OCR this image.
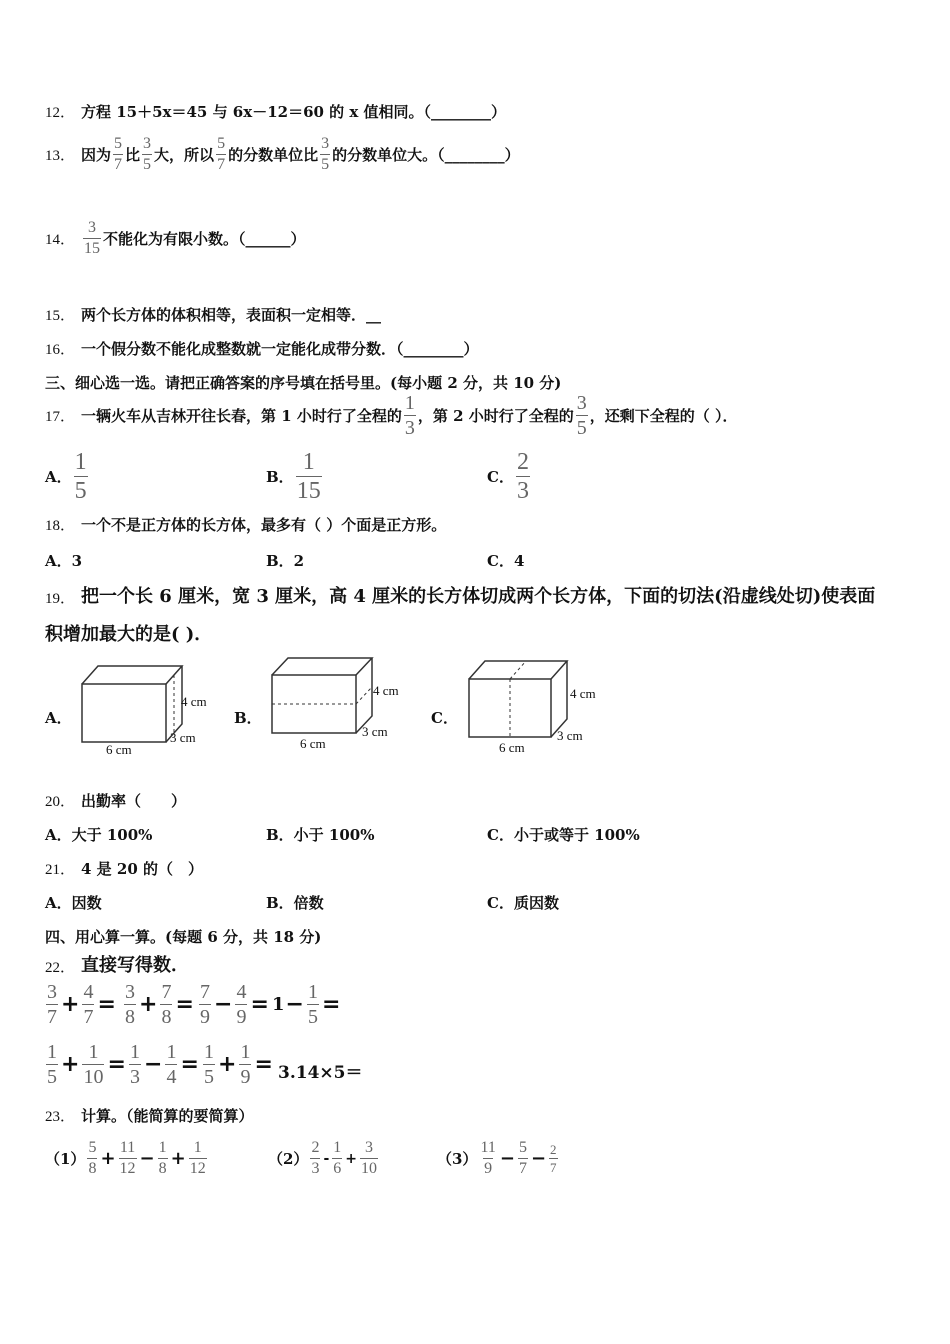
12． 方程 15＋5x＝45 与 6x－12＝60 的 x 值相同。（________）
13． 因为 $\frac{5}{7}$ 比 $\frac{3}{5}$ 大，所以 $\frac{5}{7}$ 的分数单位比 $\frac{3}{5}$ 的分数单位大。（________）
14． $\frac{3}{15}$ 不能化为有限小数。（______）
15． 两个长方体的体积相等，表面积一定相等．__
16． 一个假分数不能化成整数就一定能化成带分数．（________）
三、细心选一选。请把正确答案的序号填在括号里。(每小题 2 分，共 10 分)
17． 一辆火车从吉林开往长春，第 1 小时行了全程的 $\frac{1}{3}$ ，第 2 小时行了全程的 $\frac{3}{5}$ ，还剩下全程的（ ）．
A． $\frac{1}{5}$	B． $\frac{1}{15}$	C． $\frac{2}{3}$
18． 一个不是正方体的长方体，最多有（ ）个面是正方形。
A．3	B．2	C．4
19． 把一个长 6 厘米，宽 3 厘米，高 4 厘米的长方体切成两个长方体，下面的切法(沿虚线处切)使表面
积增加最大的是( )．
A．
4 cm
3 cm
6 cm
B．
4 cm
3 cm
6 cm
C．
4 cm
3 cm
6 cm
20． 出勤率（　　）
A．大于 100%	B．小于 100%	C．小于或等于 100%
21． 4 是 20 的（　）
A．因数	B．倍数	C．质因数
四、用心算一算。(每题 6 分，共 18 分)
22． 直接写得数．
$\frac{3}{7} + \frac{4}{7} = \frac{3}{8} + \frac{7}{8} = \frac{7}{9} - \frac{4}{9} = 1 - \frac{1}{5}$ =
$\frac{1}{5} + \frac{1}{10} = \frac{1}{3} - \frac{1}{4} = \frac{1}{5} + \frac{1}{9} = 3.14\times 5=$
23． 计算。（能简算的要简算）
$(1) \frac{5}{8} + \frac{11}{12} - \frac{1}{8} + \frac{1}{12}$	$(2) \frac{2}{3} - \frac{1}{6} + \frac{3}{10}$	$(3) \frac{11}{9} - \frac{5}{7} - \frac{2}{7}$
